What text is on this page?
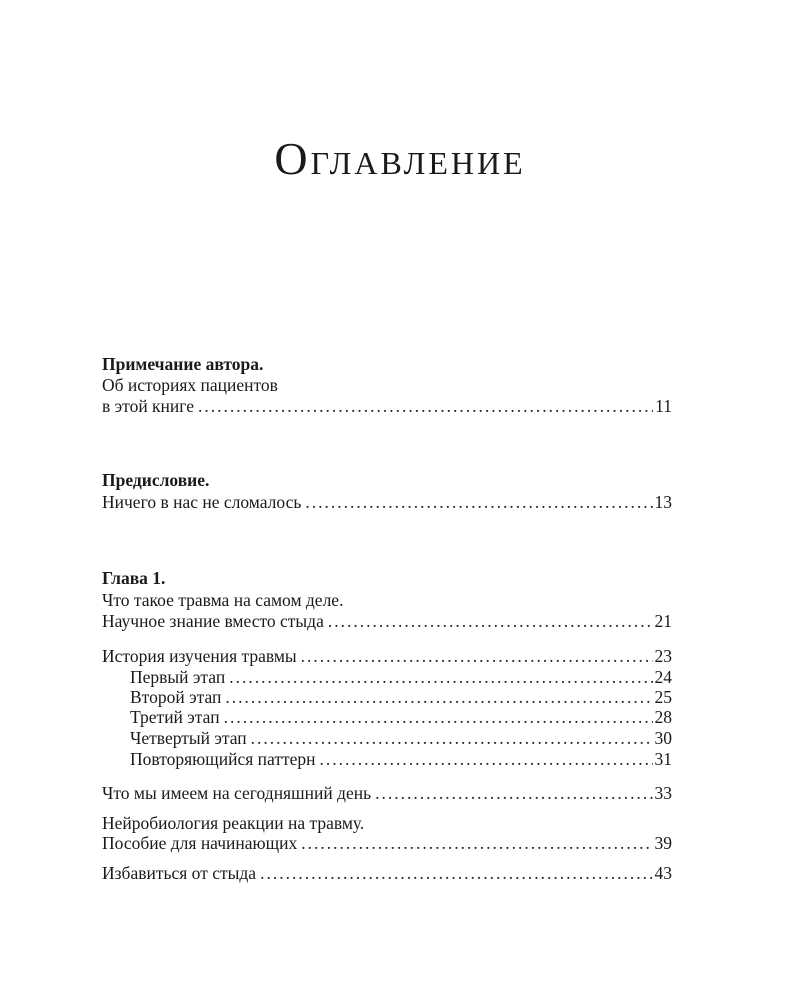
Оглавление
Примечание автора.
Об историях пациентов
в этой книге .....	11
Предисловие.
Ничего в нас не сломалось .....	13
Глава 1.
Что такое травма на самом деле.
Научное знание вместо стыда .....	21
История изучения травмы .....	23
Первый этап .....	24
Второй этап .....	25
Третий этап .....	28
Четвертый этап .....	30
Повторяющийся паттерн .....	31
Что мы имеем на сегодняшний день .....	33
Нейробиология реакции на травму.
Пособие для начинающих .....	39
Избавиться от стыда .....	43
